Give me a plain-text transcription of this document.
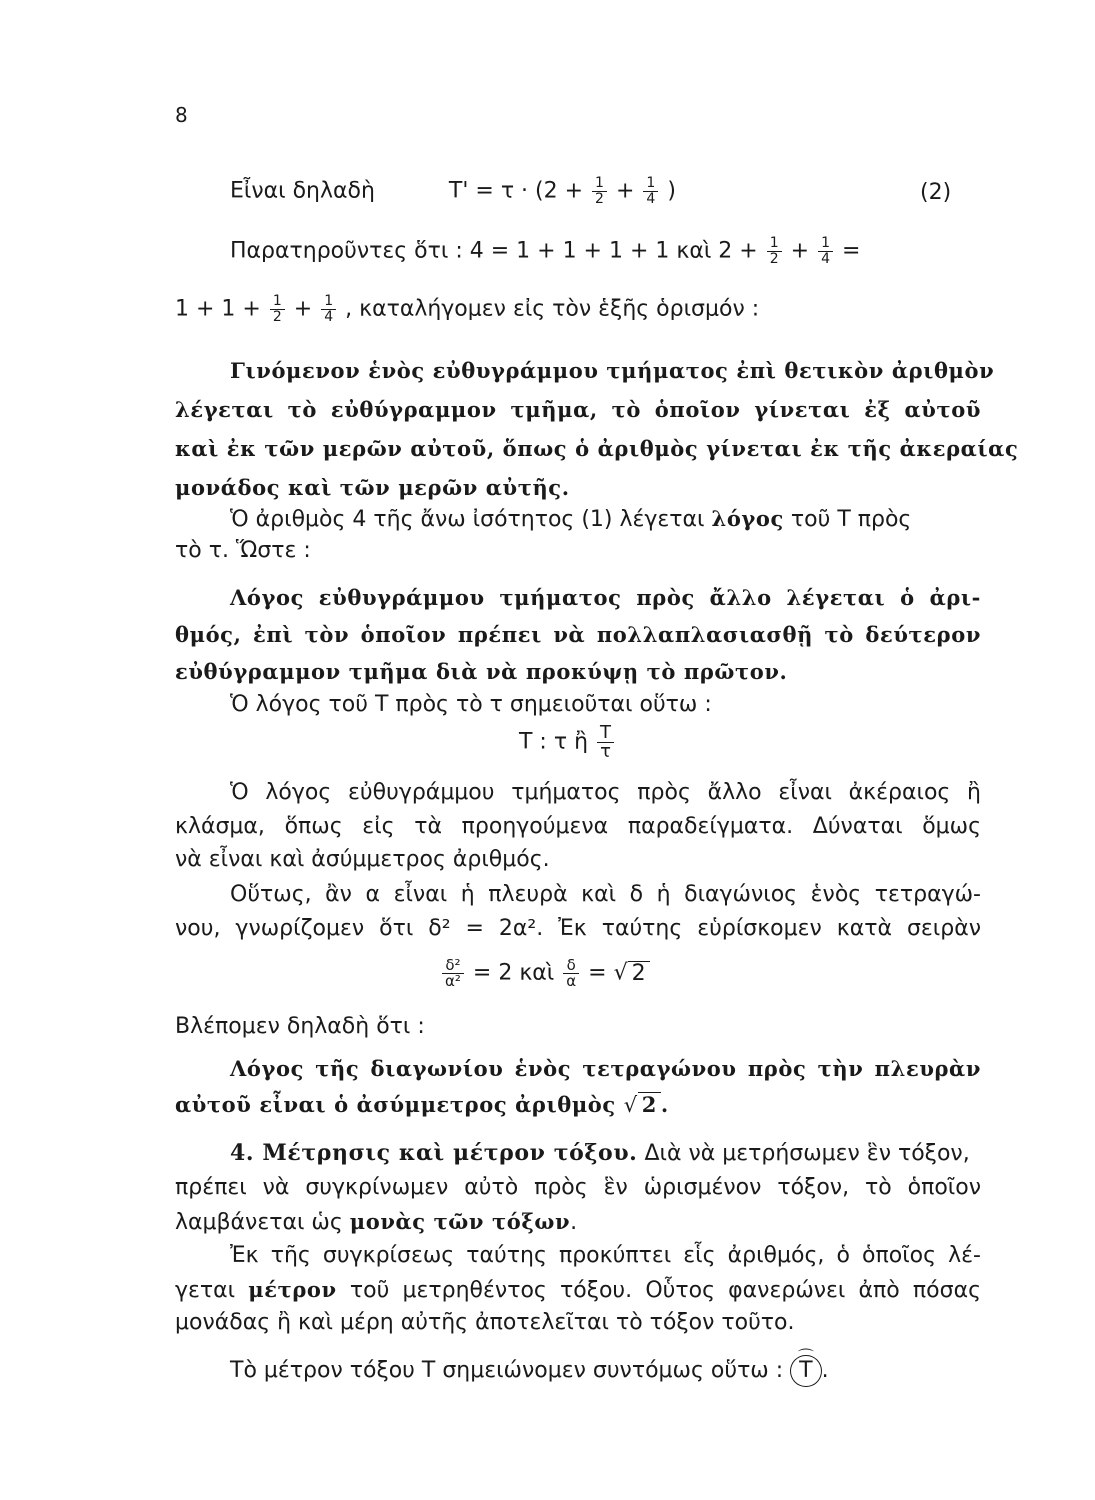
8
Εἶναι δηλαδὴ	$T' = \tau \cdot (2 + \frac{1}{2} + \frac{1}{4}$ )	(2)
Παρατηροῦντες ὅτι : 4 = 1 + 1 + 1 + 1 καὶ $2 + \frac{1}{2} + \frac{1}{4}$ =
$1 + 1 + \frac{1}{2} + \frac{1}{4}$ , καταλήγομεν εἰς τὸν ἑξῆς ὁρισμόν :
Γινόμενον ἑνὸς εὐθυγράμμου τμήματος ἐπὶ θετικὸν ἀριθμὸν
λέγεται τὸ εὐθύγραμμον τμῆμα, τὸ ὁποῖον γίνεται ἐξ αὐτοῦ
καὶ ἐκ τῶν μερῶν αὐτοῦ, ὅπως ὁ ἀριθμὸς γίνεται ἐκ τῆς ἀκεραίας
μονάδος καὶ τῶν μερῶν αὐτῆς.
Ὁ ἀριθμὸς 4 τῆς ἄνω ἰσότητος (1) λέγεται λόγος τοῦ Τ πρὸς
τὸ τ. Ὥστε :
Λόγος εὐθυγράμμου τμήματος πρὸς ἄλλο λέγεται ὁ ἀρι-
θμός, ἐπὶ τὸν ὁποῖον πρέπει νὰ πολλαπλασιασθῇ τὸ δεύτερον
εὐθύγραμμον τμῆμα διὰ νὰ προκύψῃ τὸ πρῶτον.
Ὁ λόγος τοῦ Τ πρὸς τὸ τ σημειοῦται οὕτω :
Τ : τ ἢ $\frac{T}{\tau}$
Ὁ λόγος εὐθυγράμμου τμήματος πρὸς ἄλλο εἶναι ἀκέραιος ἢ
κλάσμα, ὅπως εἰς τὰ προηγούμενα παραδείγματα. Δύναται ὅμως
νὰ εἶναι καὶ ἀσύμμετρος ἀριθμός.
Οὕτως, ἂν α εἶναι ἡ πλευρὰ καὶ δ ἡ διαγώνιος ἑνὸς τετραγώ-
νου, γνωρίζομεν ὅτι δ² = 2α². Ἐκ ταύτης εὑρίσκομεν κατὰ σειρὰν
$\frac{\text{δ²}}{\text{α²}} = 2$ καὶ $\frac{\delta}{\alpha}$ = √ 2
Βλέπομεν δηλαδὴ ὅτι :
Λόγος τῆς διαγωνίου ἑνὸς τετραγώνου πρὸς τὴν πλευρὰν
αὐτοῦ εἶναι ὁ ἀσύμμετρος ἀριθμὸς √ 2 .
4. Μέτρησις καὶ μέτρον τόξου. Διὰ νὰ μετρήσωμεν ἓν τόξον,
πρέπει νὰ συγκρίνωμεν αὐτὸ πρὸς ἓν ὡρισμένον τόξον, τὸ ὁποῖον
λαμβάνεται ὡς μονὰς τῶν τόξων.
Ἐκ τῆς συγκρίσεως ταύτης προκύπτει εἷς ἀριθμός, ὁ ὁποῖος λέ-
γεται μέτρον τοῦ μετρηθέντος τόξου. Οὗτος φανερώνει ἀπὸ πόσας
μονάδας ἢ καὶ μέρη αὐτῆς ἀποτελεῖται τὸ τόξον τοῦτο.
Τὸ μέτρον τόξου Τ σημειώνομεν συντόμως οὕτω : ⌒ Τ .
